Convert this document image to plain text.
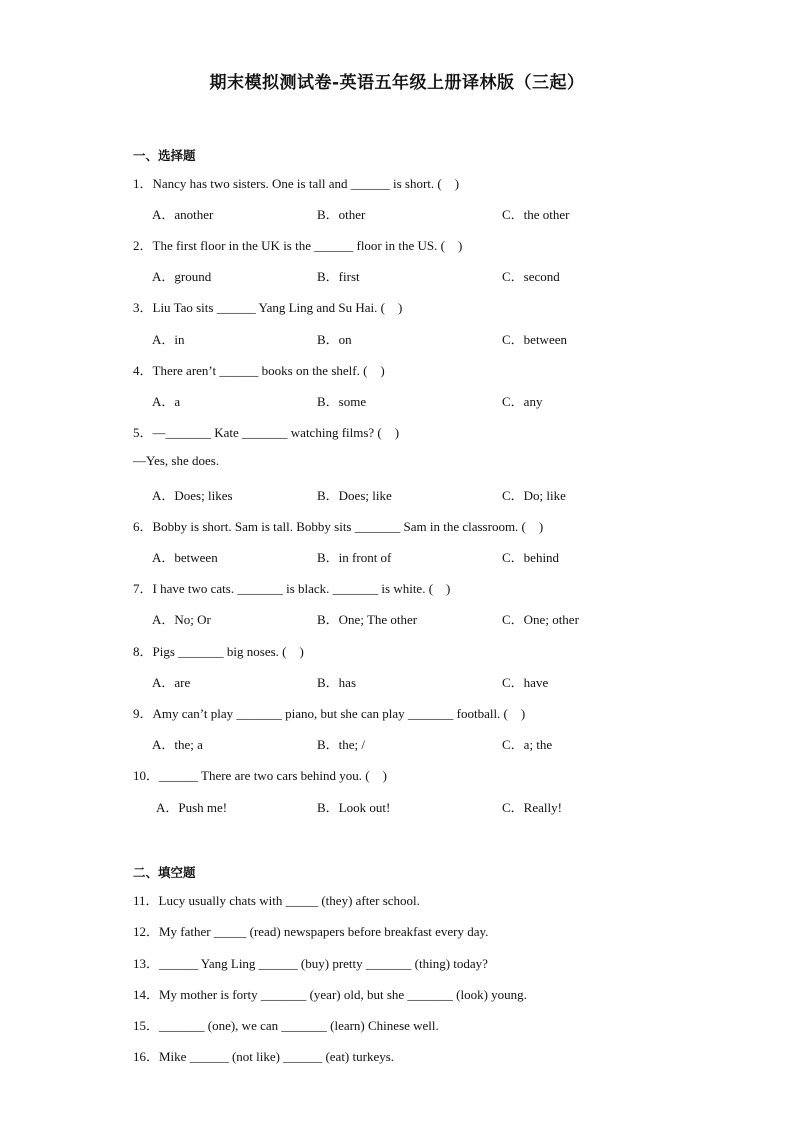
期末模拟测试卷-英语五年级上册译林版（三起）
一、选择题
1．Nancy has two sisters. One is tall and ______ is short. (　)
A．another	B．other	C．the other
2．The first floor in the UK is the ______ floor in the US. (　)
A．ground	B．first	C．second
3．Liu Tao sits ______ Yang Ling and Su Hai. (　)
A．in	B．on	C．between
4．There aren’t ______ books on the shelf. (　)
A．a	B．some	C．any
5．—_______ Kate _______ watching films? (　)
—Yes, she does.
A．Does; likes	B．Does; like	C．Do; like
6．Bobby is short. Sam is tall. Bobby sits _______ Sam in the classroom. (　)
A．between	B．in front of	C．behind
7．I have two cats. _______ is black. _______ is white. (　)
A．No; Or	B．One; The other	C．One; other
8．Pigs _______ big noses. (　)
A．are	B．has	C．have
9．Amy can’t play _______ piano, but she can play _______ football. (　)
A．the; a	B．the; /	C．a; the
10．______ There are two cars behind you. (　)
A．Push me!	B．Look out!	C．Really!
二、填空题
11．Lucy usually chats with _____ (they) after school.
12．My father _____ (read) newspapers before breakfast every day.
13．______ Yang Ling ______ (buy) pretty _______ (thing) today?
14．My mother is forty _______ (year) old, but she _______ (look) young.
15．_______ (one), we can _______ (learn) Chinese well.
16．Mike ______ (not like) ______ (eat) turkeys.
